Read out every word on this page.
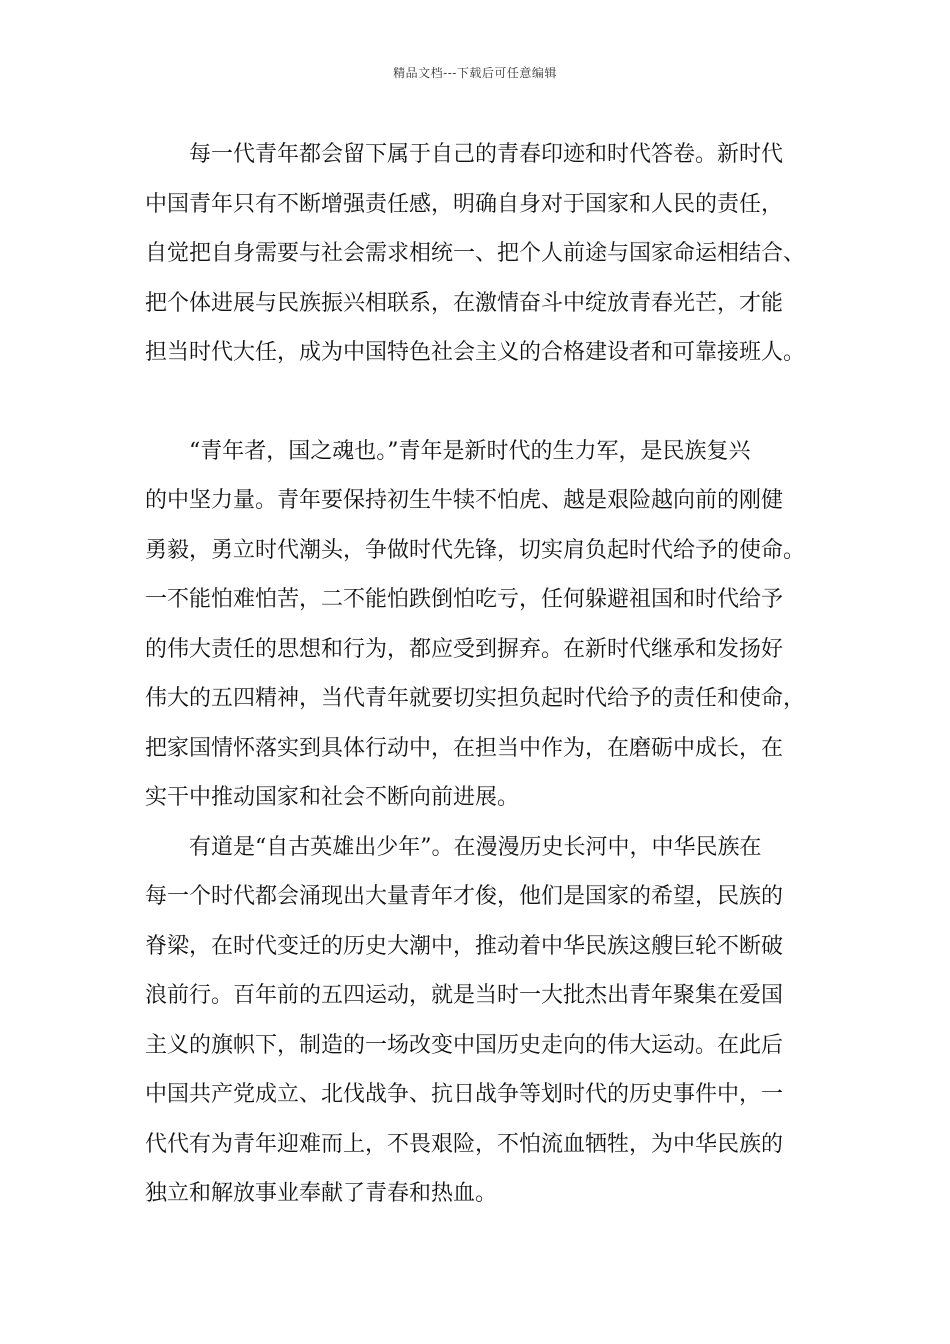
精品文档---下载后可任意编辑
每一代青年都会留下属于自己的青春印迹和时代答卷。新时代
中国青年只有不断增强责任感，明确自身对于国家和人民的责任，
自觉把自身需要与社会需求相统一、把个人前途与国家命运相结合、
把个体进展与民族振兴相联系，在激情奋斗中绽放青春光芒，才能
担当时代大任，成为中国特色社会主义的合格建设者和可靠接班人。
“青年者，国之魂也。”青年是新时代的生力军，是民族复兴
的中坚力量。青年要保持初生牛犊不怕虎、越是艰险越向前的刚健
勇毅，勇立时代潮头，争做时代先锋，切实肩负起时代给予的使命。
一不能怕难怕苦，二不能怕跌倒怕吃亏，任何躲避祖国和时代给予
的伟大责任的思想和行为，都应受到摒弃。在新时代继承和发扬好
伟大的五四精神，当代青年就要切实担负起时代给予的责任和使命，
把家国情怀落实到具体行动中，在担当中作为，在磨砺中成长，在
实干中推动国家和社会不断向前进展。
有道是“自古英雄出少年”。在漫漫历史长河中，中华民族在
每一个时代都会涌现出大量青年才俊，他们是国家的希望，民族的
脊梁，在时代变迁的历史大潮中，推动着中华民族这艘巨轮不断破
浪前行。百年前的五四运动，就是当时一大批杰出青年聚集在爱国
主义的旗帜下，制造的一场改变中国历史走向的伟大运动。在此后
中国共产党成立、北伐战争、抗日战争等划时代的历史事件中，一
代代有为青年迎难而上，不畏艰险，不怕流血牺牲，为中华民族的
独立和解放事业奉献了青春和热血。
